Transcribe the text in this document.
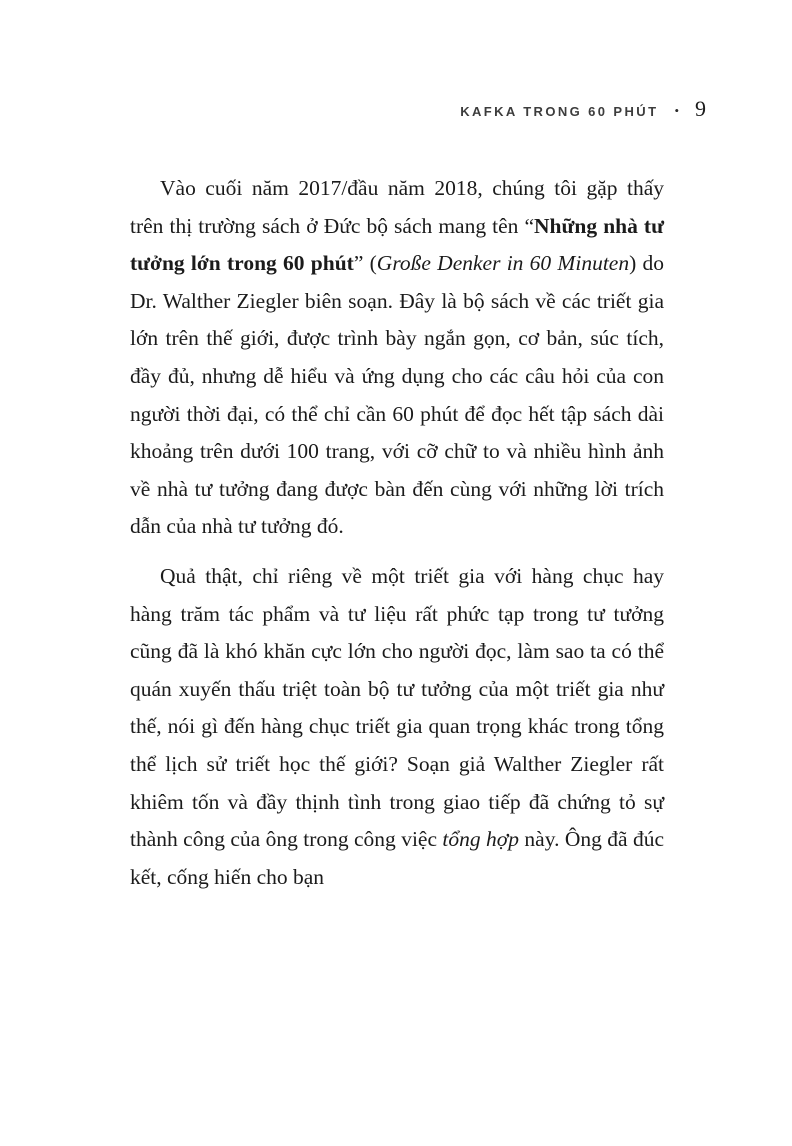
KAFKA TRONG 60 PHÚT • 9

Vào cuối năm 2017/đầu năm 2018, chúng tôi gặp thấy trên thị trường sách ở Đức bộ sách mang tên “Những nhà tư tưởng lớn trong 60 phút” (Große Denker in 60 Minuten) do Dr. Walther Ziegler biên soạn. Đây là bộ sách về các triết gia lớn trên thế giới, được trình bày ngắn gọn, cơ bản, súc tích, đầy đủ, nhưng dễ hiểu và ứng dụng cho các câu hỏi của con người thời đại, có thể chỉ cần 60 phút để đọc hết tập sách dài khoảng trên dưới 100 trang, với cỡ chữ to và nhiều hình ảnh về nhà tư tưởng đang được bàn đến cùng với những lời trích dẫn của nhà tư tưởng đó.

Quả thật, chỉ riêng về một triết gia với hàng chục hay hàng trăm tác phẩm và tư liệu rất phức tạp trong tư tưởng cũng đã là khó khăn cực lớn cho người đọc, làm sao ta có thể quán xuyến thấu triệt toàn bộ tư tưởng của một triết gia như thế, nói gì đến hàng chục triết gia quan trọng khác trong tổng thể lịch sử triết học thế giới? Soạn giả Walther Ziegler rất khiêm tốn và đầy thịnh tình trong giao tiếp đã chứng tỏ sự thành công của ông trong công việc tổng hợp này. Ông đã đúc kết, cống hiến cho bạn
